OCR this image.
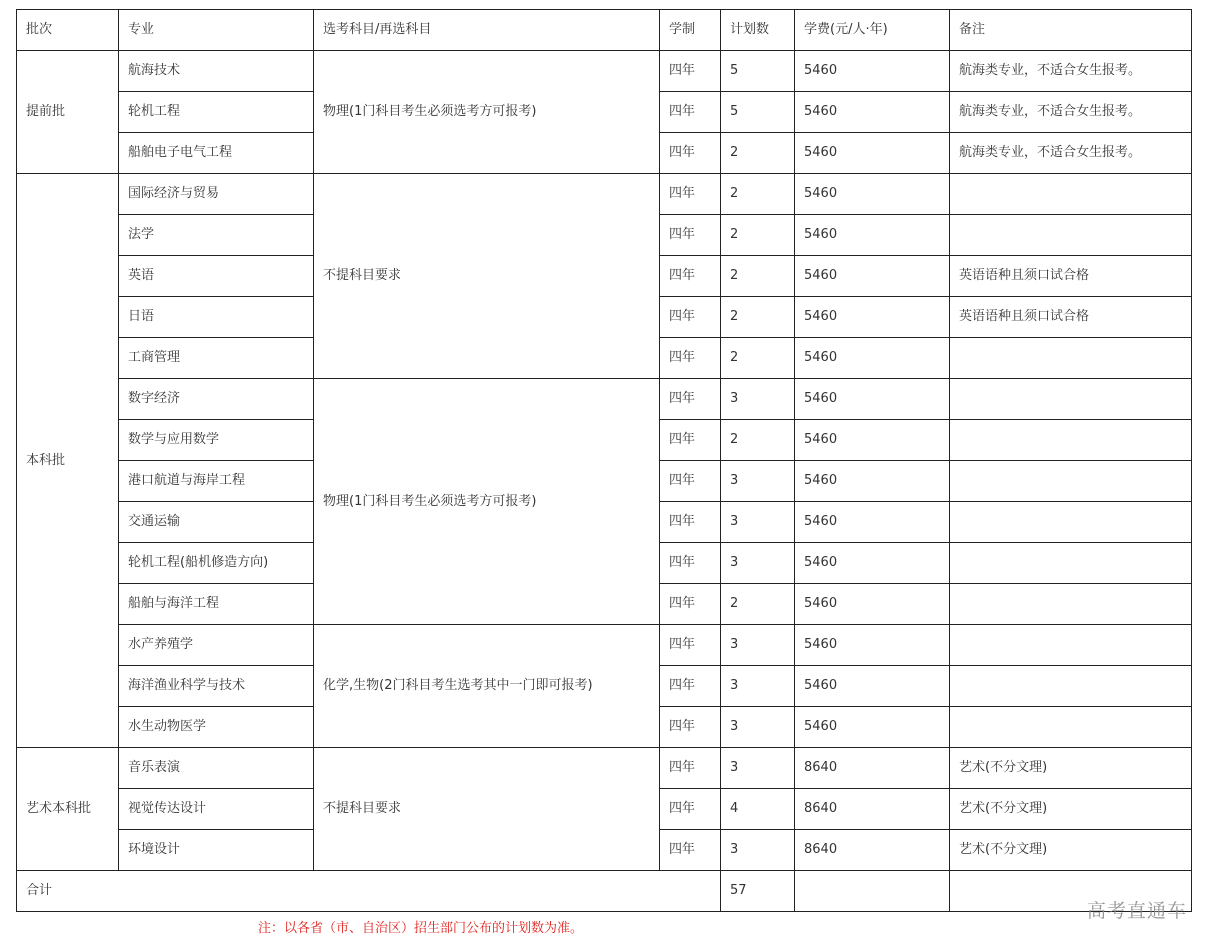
批次	专业	选考科目/再选科目	学制	计划数	学费(元/人·年)	备注
提前批	航海技术	物理(1门科目考生必须选考方可报考)	四年	5	5460	航海类专业，不适合女生报考。
	轮机工程		四年	5	5460	航海类专业，不适合女生报考。
	船舶电子电气工程		四年	2	5460	航海类专业，不适合女生报考。
本科批	国际经济与贸易	不提科目要求	四年	2	5460	
	法学		四年	2	5460	
	英语		四年	2	5460	英语语种且须口试合格
	日语		四年	2	5460	英语语种且须口试合格
	工商管理		四年	2	5460	
	数字经济	物理(1门科目考生必须选考方可报考)	四年	3	5460	
	数学与应用数学		四年	2	5460	
	港口航道与海岸工程		四年	3	5460	
	交通运输		四年	3	5460	
	轮机工程(船机修造方向)		四年	3	5460	
	船舶与海洋工程		四年	2	5460	
	水产养殖学	化学,生物(2门科目考生选考其中一门即可报考)	四年	3	5460	
	海洋渔业科学与技术		四年	3	5460	
	水生动物医学		四年	3	5460	
艺术本科批	音乐表演	不提科目要求	四年	3	8640	艺术(不分文理)
	视觉传达设计		四年	4	8640	艺术(不分文理)
	环境设计		四年	3	8640	艺术(不分文理)
合计				57		
注：以各省（市、自治区）招生部门公布的计划数为准。
高考直通车
